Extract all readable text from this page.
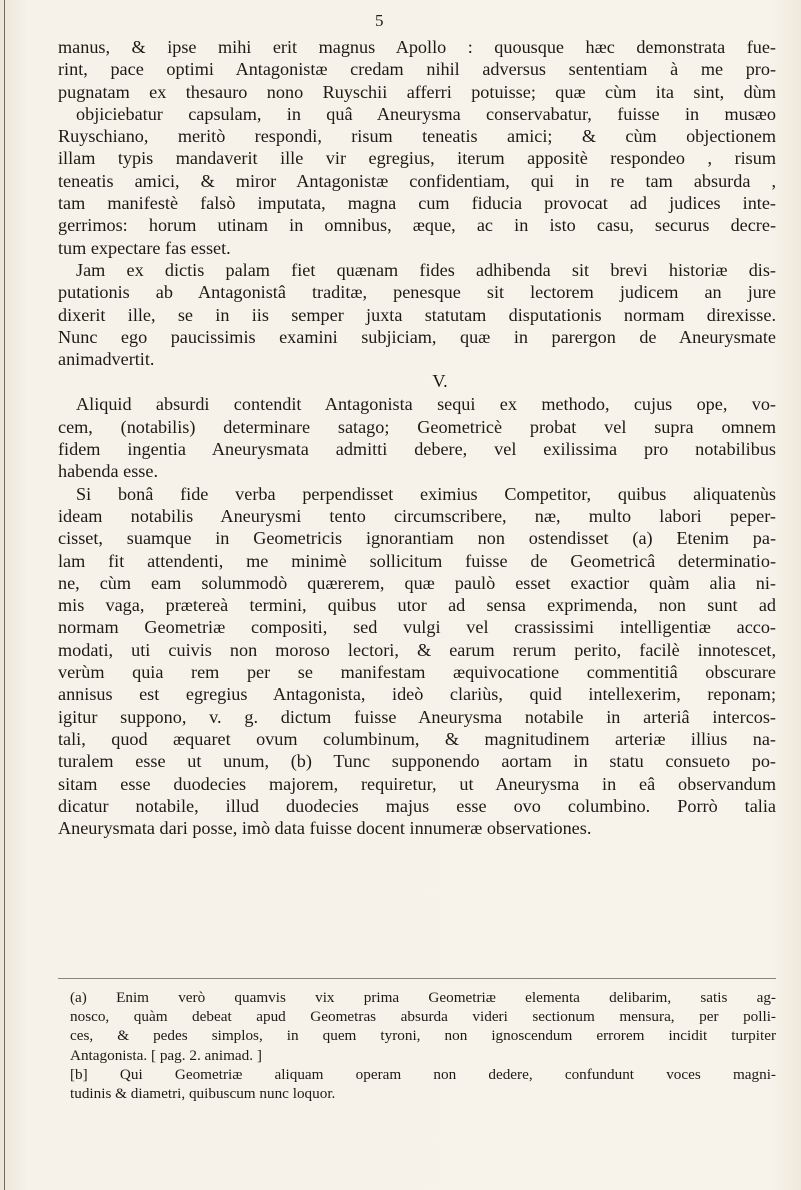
5
manus, & ipse mihi erit magnus Apollo : quousque hæc demonstrata fue-
rint, pace optimi Antagonistæ credam nihil adversus sententiam à me pro-
pugnatam ex thesauro nono Ruyschii afferri potuisse; quæ cùm ita sint, dùm
objiciebatur capsulam, in quâ Aneurysma conservabatur, fuisse in musæo
Ruyschiano, meritò respondi, risum teneatis amici; & cùm objectionem
illam typis mandaverit ille vir egregius, iterum appositè respondeo , risum
teneatis amici, & miror Antagonistæ confidentiam, qui in re tam absurda ,
tam manifestè falsò imputata, magna cum fiducia provocat ad judices inte-
gerrimos: horum utinam in omnibus, æque, ac in isto casu, securus decre-
tum expectare fas esset.
Jam ex dictis palam fiet quænam fides adhibenda sit brevi historiæ dis-
putationis ab Antagonistâ traditæ, penesque sit lectorem judicem an jure
dixerit ille, se in iis semper juxta statutam disputationis normam direxisse.
Nunc ego paucissimis examini subjiciam, quæ in parergon de Aneurysmate
animadvertit.
V.
Aliquid absurdi contendit Antagonista sequi ex methodo, cujus ope, vo-
cem, (notabilis) determinare satago; Geometricè probat vel supra omnem
fidem ingentia Aneurysmata admitti debere, vel exilissima pro notabilibus
habenda esse.
Si bonâ fide verba perpendisset eximius Competitor, quibus aliquatenùs
ideam notabilis Aneurysmi tento circumscribere, næ, multo labori peper-
cisset, suamque in Geometricis ignorantiam non ostendisset (a) Etenim pa-
lam fit attendenti, me minimè sollicitum fuisse de Geometricâ determinatio-
ne, cùm eam solummodò quærerem, quæ paulò esset exactior quàm alia ni-
mis vaga, prætereà termini, quibus utor ad sensa exprimenda, non sunt ad
normam Geometriæ compositi, sed vulgi vel crassissimi intelligentiæ acco-
modati, uti cuivis non moroso lectori, & earum rerum perito, facilè innotescet,
verùm quia rem per se manifestam æquivocatione commentitiâ obscurare
annisus est egregius Antagonista, ideò clariùs, quid intellexerim, reponam;
igitur suppono, v. g. dictum fuisse Aneurysma notabile in arteriâ intercos-
tali, quod æquaret ovum columbinum, & magnitudinem arteriæ illius na-
turalem esse ut unum, (b) Tunc supponendo aortam in statu consueto po-
sitam esse duodecies majorem, requiretur, ut Aneurysma in eâ observandum
dicatur notabile, illud duodecies majus esse ovo columbino. Porrò talia
Aneurysmata dari posse, imò data fuisse docent innumeræ observationes.
(a) Enim verò quamvis vix prima Geometriæ elementa delibarim, satis ag-
nosco, quàm debeat apud Geometras absurda videri sectionum mensura, per polli-
ces, & pedes simplos, in quem tyroni, non ignoscendum errorem incidit turpiter
Antagonista. [ pag. 2. animad. ]
[b] Qui Geometriæ aliquam operam non dedere, confundunt voces magni-
tudinis & diametri, quibuscum nunc loquor.
